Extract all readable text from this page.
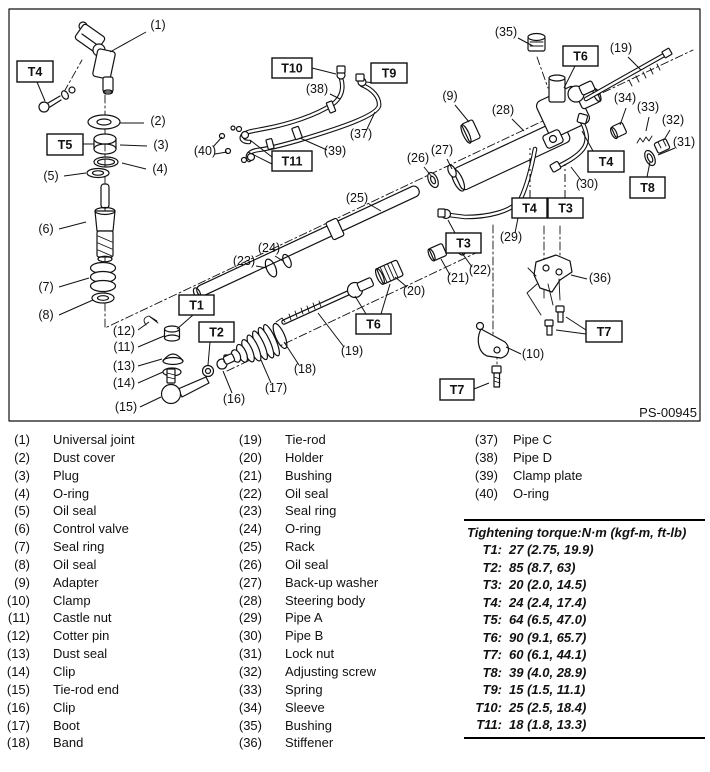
(1)
(2)
(3)
(4)
(5)
(6)
(7)
(8)
(9)
(10)
(11)
(12)
(13)
(14)
(15)
(16)
(17)
(18)
(19)
(19)
(20)
(21)
(22)
(23)
(24)
(25)
(26)
(27)
(28)
(29)
(30)
(31)
(32)
(33)
(34)
(35)
(36)
(37)
(38)
(39)
(40)
T4
T5
T1
T2
T10	T9
T11
T6
T6
T4 T3
T4
T3
T8
T7
T7
PS-00945
(1) Universal joint
(2) Dust cover
(3) Plug
(4) O-ring
(5) Oil seal
(6) Control valve
(7) Seal ring
(8) Oil seal
(9) Adapter
(10) Clamp
(11) Castle nut
(12) Cotter pin
(13) Dust seal
(14) Clip
(15) Tie-rod end
(16) Clip
(17) Boot
(18) Band
(19) Tie-rod
(20) Holder
(21) Bushing
(22) Oil seal
(23) Seal ring
(24) O-ring
(25) Rack
(26) Oil seal
(27) Back-up washer
(28) Steering body
(29) Pipe A
(30) Pipe B
(31) Lock nut
(32) Adjusting screw
(33) Spring
(34) Sleeve
(35) Bushing
(36) Stiffener
(37) Pipe C
(38) Pipe D
(39) Clamp plate
(40) O-ring
Tightening torque:N·m (kgf-m, ft-lb)
T1: 27 (2.75, 19.9)
T2: 85 (8.7, 63)
T3: 20 (2.0, 14.5)
T4: 24 (2.4, 17.4)
T5: 64 (6.5, 47.0)
T6: 90 (9.1, 65.7)
T7: 60 (6.1, 44.1)
T8: 39 (4.0, 28.9)
T9: 15 (1.5, 11.1)
T10: 25 (2.5, 18.4)
T11: 18 (1.8, 13.3)
